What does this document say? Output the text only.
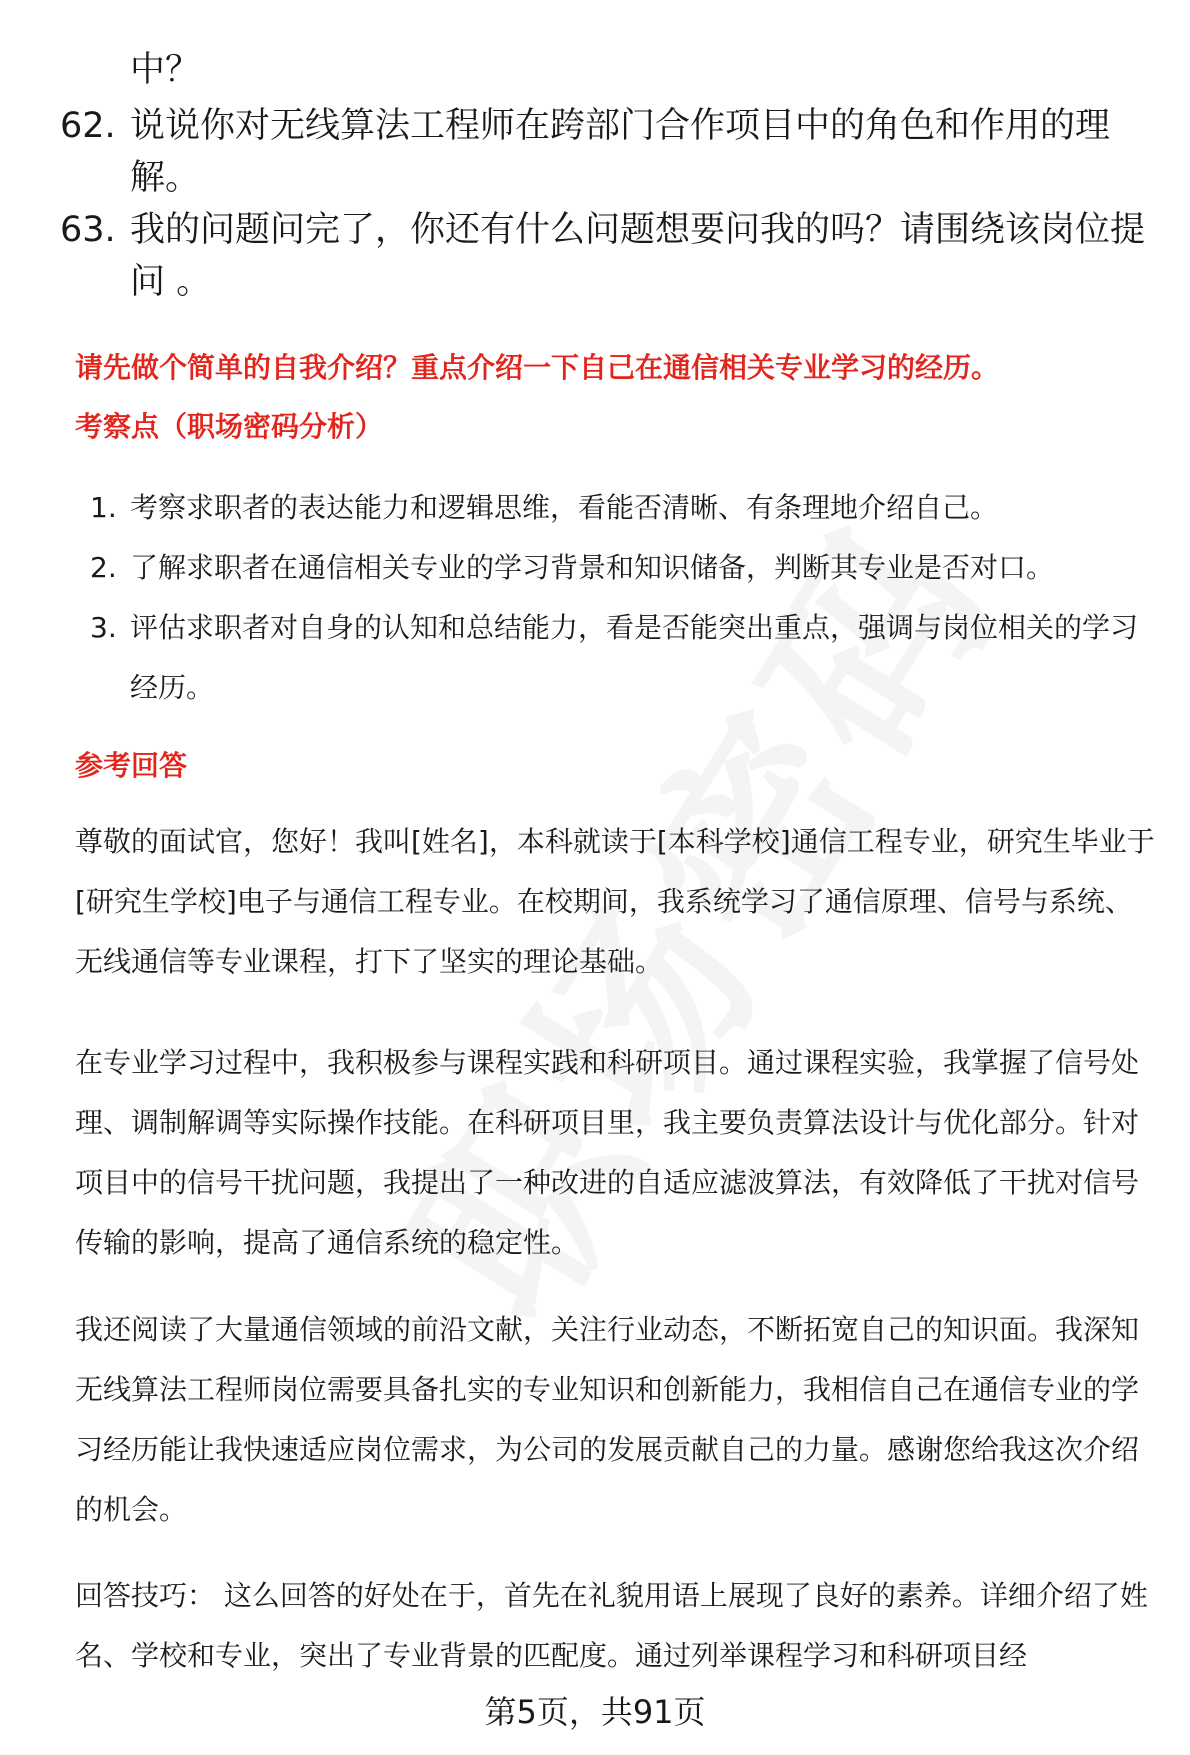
中？
62. 说说你对无线算法工程师在跨部门合作项目中的角色和作用的理解。
63. 我的问题问完了，你还有什么问题想要问我的吗？请围绕该岗位提问 。
请先做个简单的自我介绍？重点介绍一下自己在通信相关专业学习的经历。
考察点（职场密码分析）
1. 考察求职者的表达能力和逻辑思维，看能否清晰、有条理地介绍自己。
2. 了解求职者在通信相关专业的学习背景和知识储备，判断其专业是否对口。
3. 评估求职者对自身的认知和总结能力，看是否能突出重点，强调与岗位相关的学习经历。
参考回答
尊敬的面试官，您好！我叫[姓名]，本科就读于[本科学校]通信工程专业，研究生毕业于[研究生学校]电子与通信工程专业。在校期间，我系统学习了通信原理、信号与系统、无线通信等专业课程，打下了坚实的理论基础。
在专业学习过程中，我积极参与课程实践和科研项目。通过课程实验，我掌握了信号处理、调制解调等实际操作技能。在科研项目里，我主要负责算法设计与优化部分。针对项目中的信号干扰问题，我提出了一种改进的自适应滤波算法，有效降低了干扰对信号传输的影响，提高了通信系统的稳定性。
我还阅读了大量通信领域的前沿文献，关注行业动态，不断拓宽自己的知识面。我深知无线算法工程师岗位需要具备扎实的专业知识和创新能力，我相信自己在通信专业的学习经历能让我快速适应岗位需求，为公司的发展贡献自己的力量。感谢您给我这次介绍的机会。
回答技巧： 这么回答的好处在于，首先在礼貌用语上展现了良好的素养。详细介绍了姓名、学校和专业，突出了专业背景的匹配度。通过列举课程学习和科研项目经
第5页，共91页
